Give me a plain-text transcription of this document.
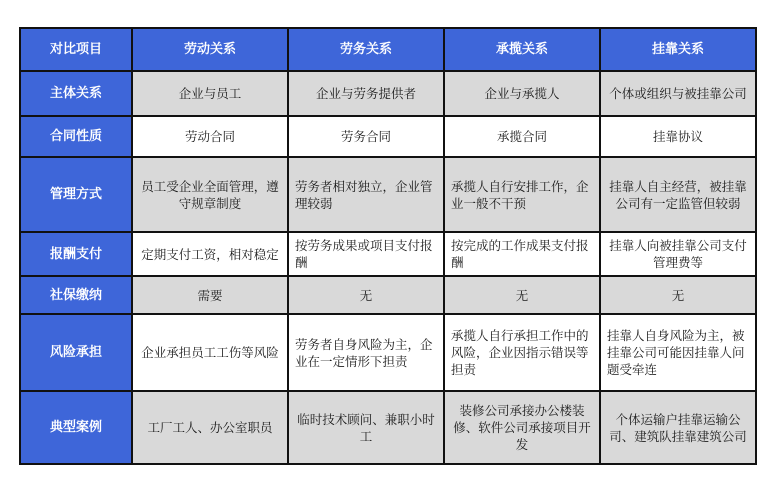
对比项目	劳动关系	劳务关系	承揽关系	挂靠关系
主体关系	企业与员工	企业与劳务提供者	企业与承揽人	个体或组织与被挂靠公司
合同性质	劳动合同	劳务合同	承揽合同	挂靠协议
管理方式	员工受企业全面管理，遵守规章制度	劳务者相对独立，企业管理较弱	承揽人自行安排工作，企业一般不干预	挂靠人自主经营，被挂靠公司有一定监管但较弱
报酬支付	定期支付工资，相对稳定	按劳务成果或项目支付报酬	按完成的工作成果支付报酬	挂靠人向被挂靠公司支付管理费等
社保缴纳	需要	无	无	无
风险承担	企业承担员工工伤等风险	劳务者自身风险为主，企业在一定情形下担责	承揽人自行承担工作中的风险，企业因指示错误等担责	挂靠人自身风险为主，被挂靠公司可能因挂靠人问题受牵连
典型案例	工厂工人、办公室职员	临时技术顾问、兼职小时工	装修公司承接办公楼装修、软件公司承接项目开发	个体运输户挂靠运输公司、建筑队挂靠建筑公司
